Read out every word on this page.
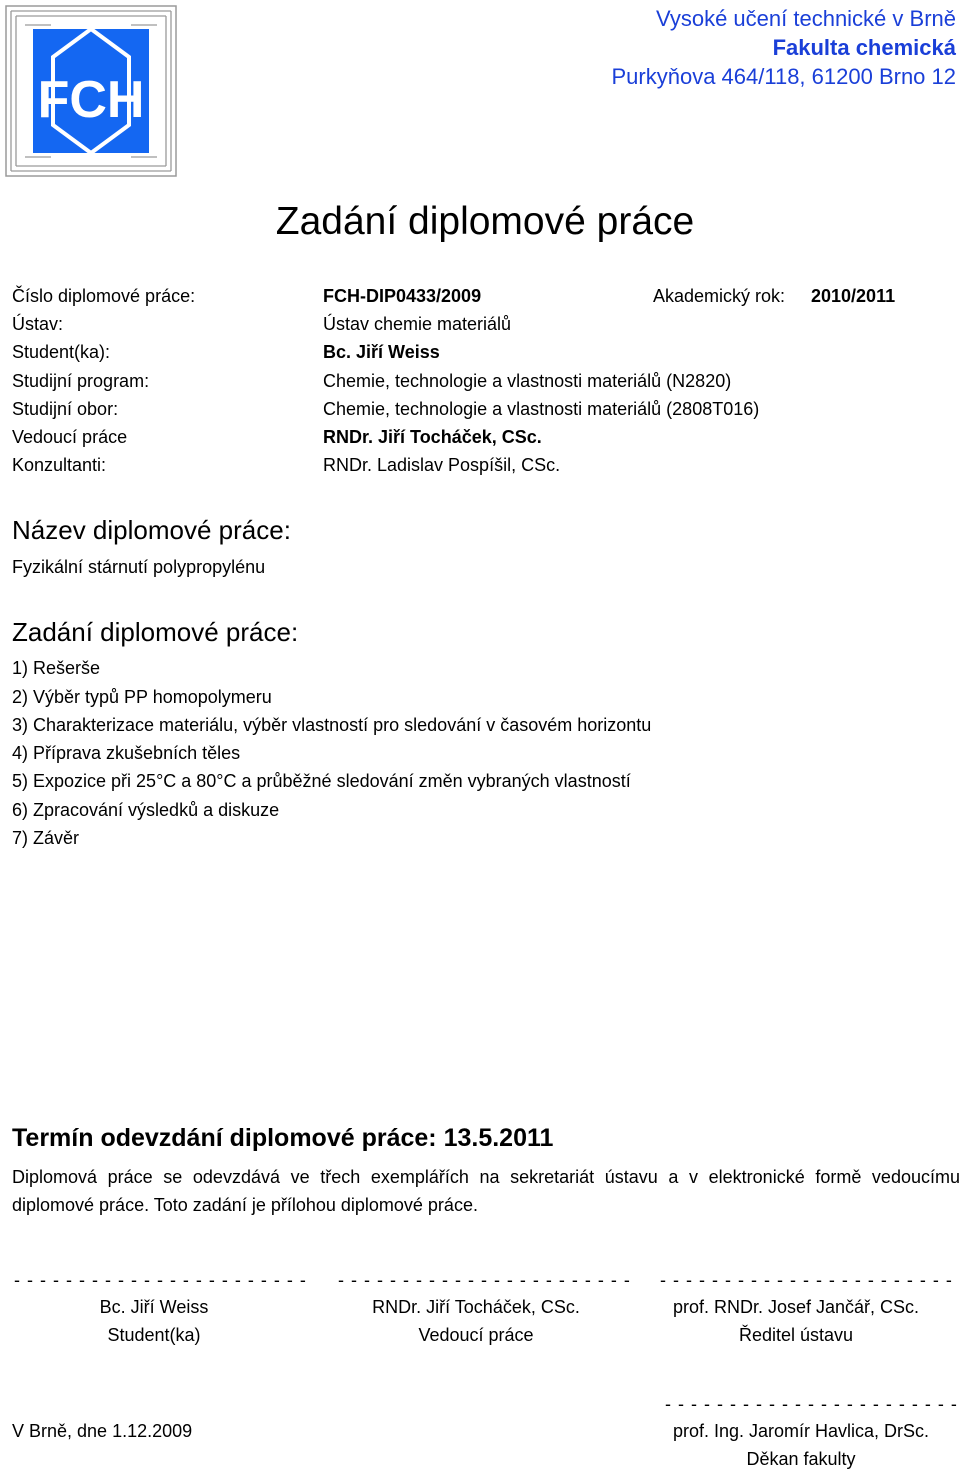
FCH
Vysoké učení technické v Brně
Fakulta chemická
Purkyňova 464/118, 61200 Brno 12
Zadání diplomové práce
Číslo diplomové práce:	FCH-DIP0433/2009	Akademický rok: 2010/2011
Ústav:	Ústav chemie materiálů
Student(ka):	Bc. Jiří Weiss
Studijní program:	Chemie, technologie a vlastnosti materiálů (N2820)
Studijní obor:	Chemie, technologie a vlastnosti materiálů (2808T016)
Vedoucí práce	RNDr. Jiří Tocháček, CSc.
Konzultanti:	RNDr. Ladislav Pospíšil, CSc.
Název diplomové práce:
Fyzikální stárnutí polypropylénu
Zadání diplomové práce:
1) Rešerše
2) Výběr typů PP homopolymeru
3) Charakterizace materiálu, výběr vlastností pro sledování v časovém horizontu
4) Příprava zkušebních těles
5) Expozice při 25°C a 80°C a průběžné sledování změn vybraných vlastností
6) Zpracování výsledků a diskuze
7) Závěr
Termín odevzdání diplomové práce: 13.5.2011
Diplomová práce se odevzdává ve třech exemplářích na sekretariát ústavu a v elektronické formě vedoucímu diplomové práce. Toto zadání je přílohou diplomové práce.
- - - - - - - - - - - - - - - - - - - - - - - - - - - - - - - - - - - - - - - - - - - - - - - - - - - - - - - - - - - - - - - - - - - - -
Bc. Jiří Weiss
Student(ka)
RNDr. Jiří Tocháček, CSc.
Vedoucí práce
prof. RNDr. Josef Jančář, CSc.
Ředitel ústavu
- - - - - - - - - - - - - - - - - - - - - - -
V Brně, dne 1.12.2009	prof. Ing. Jaromír Havlica, DrSc.
Děkan fakulty
